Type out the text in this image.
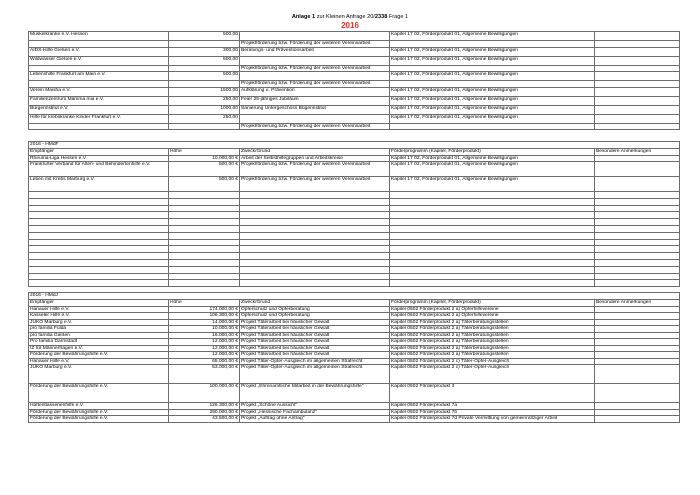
Anlage 1 zur Kleinen Anfrage 20/2338 Frage 1
2016
Muskelkranke e.V. Hessen	500,00		Kapitel 17 02, Förderprodukt 01, Allgemeine Bewilligungen	
		Projektförderung bzw. Förderung der weiteren Vereinsarbeit		
AIDS-Hilfe Gießen e.V.	300,00	Beratungs- und Präventionsarbeit	Kapitel 17 02, Förderprodukt 01, Allgemeine Bewilligungen	
Wildwasser Gießen e.V.	500,00		Kapitel 17 02, Förderprodukt 01, Allgemeine Bewilligungen	
		Projektförderung bzw. Förderung der weiteren Vereinsarbeit		
Lebenshilfe Frankfurt am Main e.V.	500,00		Kapitel 17 02, Förderprodukt 01, Allgemeine Bewilligungen	
		Projektförderung bzw. Förderung der weiteren Vereinsarbeit		
Verein Maisha e.V.	1500,00	Aufklärung u. Prävention	Kapitel 17 02, Förderprodukt 01, Allgemeine Bewilligungen	
Familienzentrum Mamma mia e.V.	250,00	Feier 25-jähriges Jubiläum	Kapitel 17 02, Förderprodukt 01, Allgemeine Bewilligungen	
Bürgerinstitut e.V.	1000,00	Sanierung Untergeschoss Bügerinstitut	Kapitel 17 02, Förderprodukt 01, Allgemeine Bewilligungen	
Hilfe für krebskranke Kinder Frankfurt e.V.	250,00		Kapitel 17 02, Förderprodukt 01, Allgemeine Bewilligungen	
		Projektförderung bzw. Förderung der weiteren Vereinsarbeit		
2016 - HMdF				
Empfänger	Höhe	Zweck/Grund	Förderprogramm (Kapitel, Förderprodukt)	Besondere Anmerkungen
Rheuma-Liga Hessen e.V.	10.000,00 €	Arbeit der Selbsthilfegruppen und Arbeitskreise	Kapitel 17 02, Förderprodukt 01, Allgemeine Bewilligungen	
Frankfurter Verband für Alten- und Behindertenhilfe e.V.	500,00 €	Projektförderung bzw. Förderung der weiteren Vereinsarbeit	Kapitel 17 02, Förderprodukt 01, Allgemeine Bewilligungen	
Leben mit Krebs Marburg e.V.	500,00 €	Projektförderung bzw. Förderung der weiteren Vereinsarbeit	Kapitel 17 02, Förderprodukt 01, Allgemeine Bewilligungen	

2016 - HMdJ				
Empfänger	Höhe	Zweck/Grund	Förderprogramm (Kapitel, Förderprodukt)	Besondere Anmerkungen
Hanauer Hilfe e.V.	174.000,00 €	Opferschutz und Opferberatung	Kapitel 0502 Förderprodukt 2 a) Opferhilfevereine	
Kasseler Hilfe e.V.	106.300,00 €	Opferschutz und Opferberatung	Kapitel 0502 Förderprodukt 2 a) Opferhilfevereine	
JUKO Marburg e.V.	14.000,00 €	Projekt Täterarbeit bei häuslicher Gewalt	Kapitel 0502 Förderprodukt 2 a) Täterberatungsstellen	
pro familia Fulda	10.000,00 €	Projekt Täterarbeit bei häuslicher Gewalt	Kapitel 0502 Förderprodukt 2 a) Täterberatungsstellen	
pro familia Gießen	16.000,00 €	Projekt Täterarbeit bei häuslicher Gewalt	Kapitel 0502 Förderprodukt 2 a) Täterberatungsstellen	
Pro familia Darmstadt	12.000,00 €	Projekt Täterarbeit bei häuslicher Gewalt	Kapitel 0502 Förderprodukt 2 a) Täterberatungsstellen	
IZ für Männerfragen e.V.	12.000,00 €	Projekt Täterarbeit bei häuslicher Gewalt	Kapitel 0502 Förderprodukt 2 a) Täterberatungsstellen	
Förderung der Bewährungshilfe e.V.	12.000,00 €	Projekt Täterarbeit bei häuslicher Gewalt	Kapitel 0502 Förderprodukt 2 a) Täterberatungsstellen	
Hanauer Hilfe e.V.	65.000,00 €	Projekt Täter-Opfer-Ausgleich im allgemeinen Strafrecht	Kapitel 0502 Förderprodukt 2 c) Täter-Opfer-Ausgleich	
JUKO Marburg e.V.	53.000,00 €	Projekt Täter-Opfer-Ausgleich im allgemeinen Strafrecht	Kapitel 0502 Förderprodukt 2 c) Täter-Opfer-Ausgleich	
Förderung der Bewährungshilfe e.V.	100.000,00 €	Projekt „Ehrenamtliche Mitarbeit in der Bewährungshilfe"	Kapitel 0502 Förderprodukt 3	
Haftentlassenenhilfe e.V.	126.300,00 €	Projekt „Schöne Aussicht"	Kapitel 0502 Förderprodukt 7a	
Förderung der Bewährungshilfe e.V.	290.000,00 €	Projekt „Hessische Fachambulanz"	Kapitel 0502 Förderprodukt 7b	
Förderung der Bewährungshilfe e.V.	43.500,00 €	Projekt „Auftrag ohne Antrag"	Kapitel 0502 Förderprodukt 7d Private Vermittlung von gemeinnütziger Arbeit	
